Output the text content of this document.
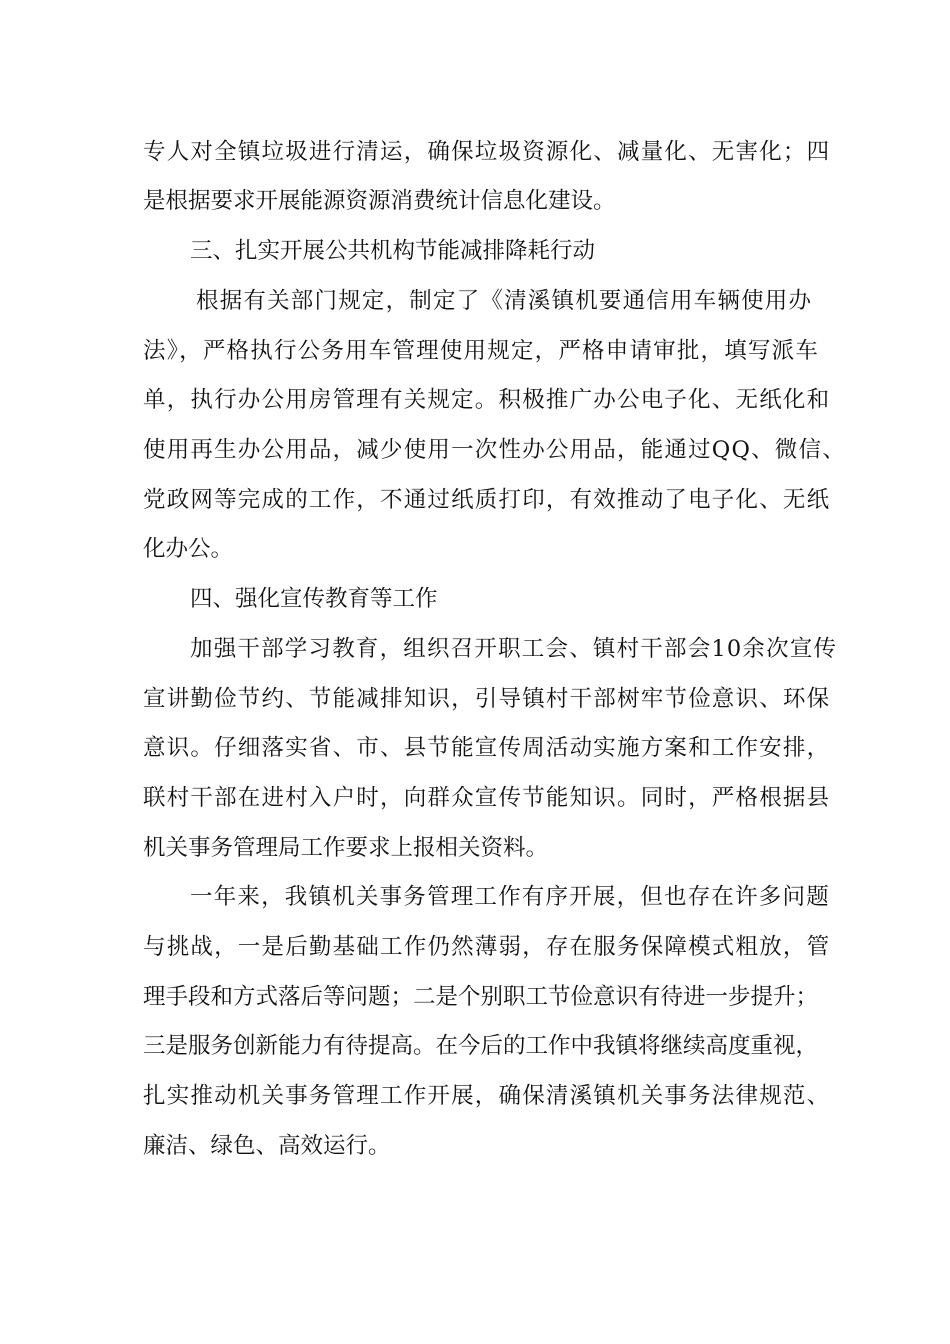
专人对全镇垃圾进行清运，确保垃圾资源化、减量化、无害化；四

是根据要求开展能源资源消费统计信息化建设。

三、扎实开展公共机构节能减排降耗行动

根据有关部门规定，制定了《清溪镇机要通信用车辆使用办

法》，严格执行公务用车管理使用规定，严格申请审批，填写派车

单，执行办公用房管理有关规定。积极推广办公电子化、无纸化和

使用再生办公用品，减少使用一次性办公用品，能通过QQ、微信、

党政网等完成的工作，不通过纸质打印，有效推动了电子化、无纸

化办公。

四、强化宣传教育等工作

加强干部学习教育，组织召开职工会、镇村干部会10余次宣传

宣讲勤俭节约、节能减排知识，引导镇村干部树牢节俭意识、环保

意识。仔细落实省、市、县节能宣传周活动实施方案和工作安排，

联村干部在进村入户时，向群众宣传节能知识。同时，严格根据县

机关事务管理局工作要求上报相关资料。

一年来，我镇机关事务管理工作有序开展，但也存在许多问题

与挑战，一是后勤基础工作仍然薄弱，存在服务保障模式粗放，管

理手段和方式落后等问题；二是个别职工节俭意识有待进一步提升；

三是服务创新能力有待提高。在今后的工作中我镇将继续高度重视，

扎实推动机关事务管理工作开展，确保清溪镇机关事务法律规范、

廉洁、绿色、高效运行。
